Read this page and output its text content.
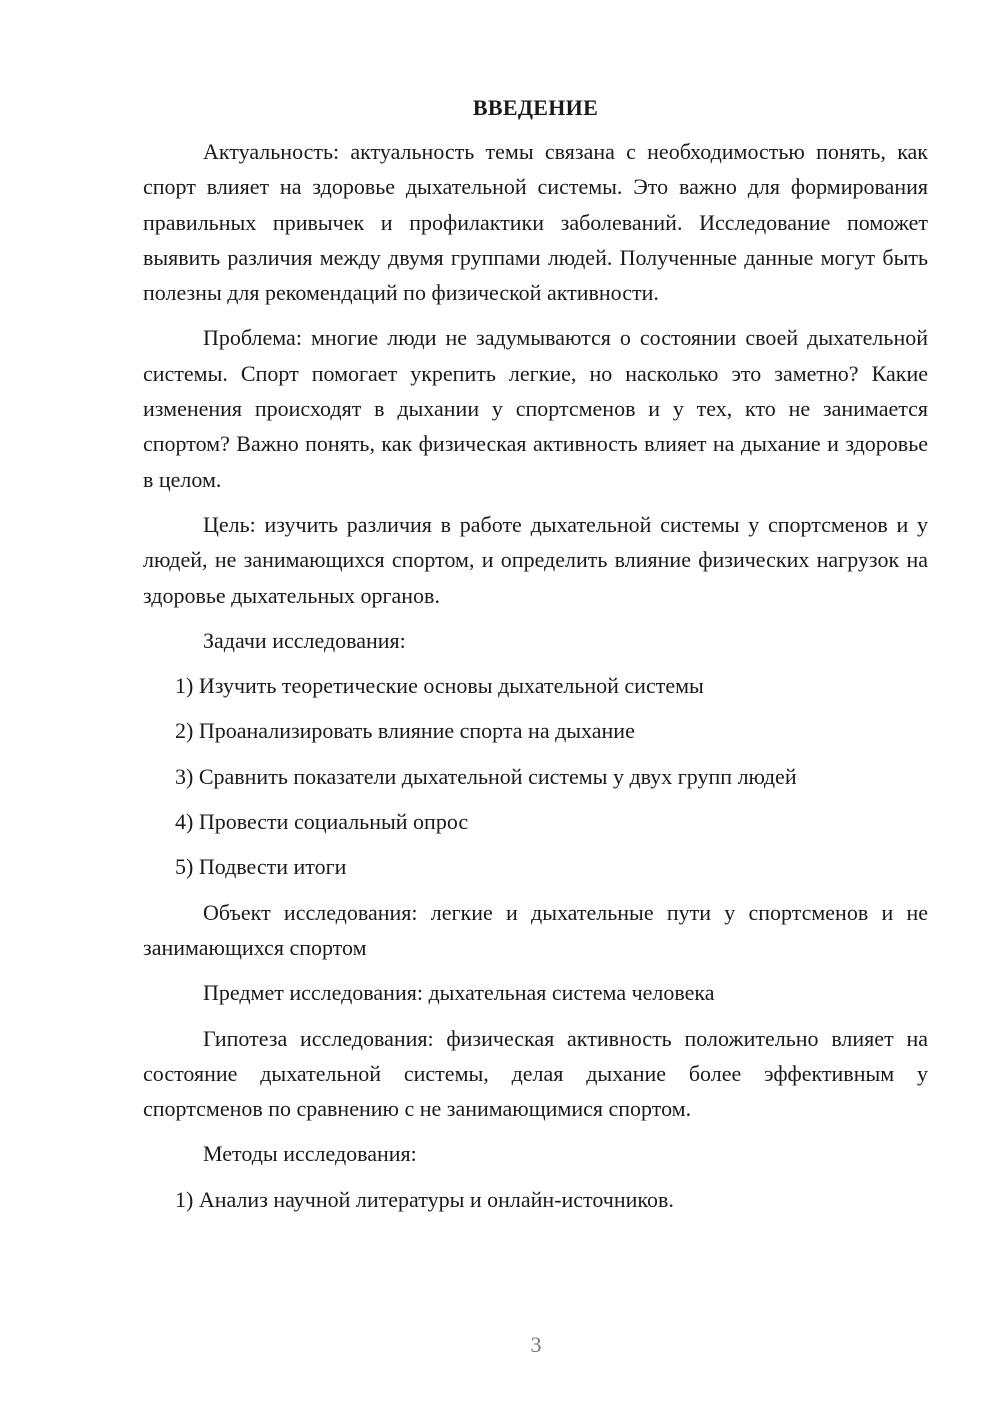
ВВЕДЕНИЕ

Актуальность: актуальность темы связана с необходимостью понять, как спорт влияет на здоровье дыхательной системы. Это важно для формирования правильных привычек и профилактики заболеваний. Исследование поможет выявить различия между двумя группами людей. Полученные данные могут быть полезны для рекомендаций по физической активности.

Проблема: многие люди не задумываются о состоянии своей дыхательной системы. Спорт помогает укрепить легкие, но насколько это заметно? Какие изменения происходят в дыхании у спортсменов и у тех, кто не занимается спортом? Важно понять, как физическая активность влияет на дыхание и здоровье в целом.

Цель: изучить различия в работе дыхательной системы у спортсменов и у людей, не занимающихся спортом, и определить влияние физических нагрузок на здоровье дыхательных органов.

Задачи исследования:
1) Изучить теоретические основы дыхательной системы
2) Проанализировать влияние спорта на дыхание
3) Сравнить показатели дыхательной системы у двух групп людей
4) Провести социальный опрос
5) Подвести итоги

Объект исследования: легкие и дыхательные пути у спортсменов и не занимающихся спортом

Предмет исследования: дыхательная система человека

Гипотеза исследования: физическая активность положительно влияет на состояние дыхательной системы, делая дыхание более эффективным у спортсменов по сравнению с не занимающимися спортом.

Методы исследования:
1) Анализ научной литературы и онлайн-источников.
3
